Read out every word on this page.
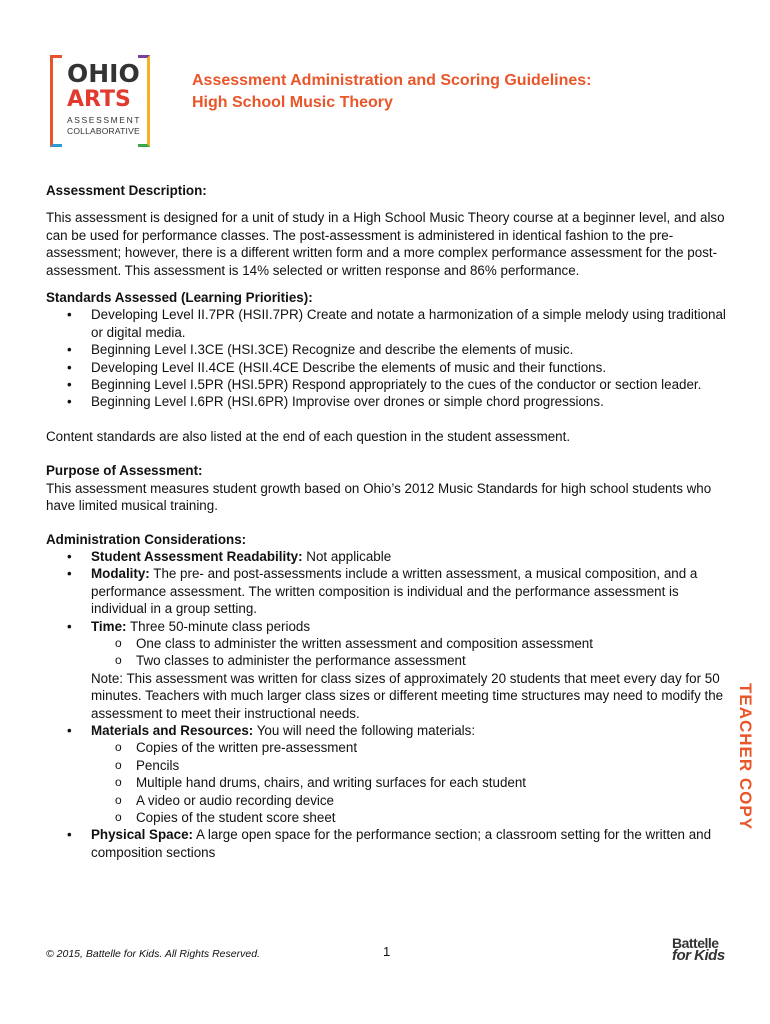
OHIO
ARTS
ASSESSMENT
COLLABORATIVE
Assessment Administration and Scoring Guidelines:
High School Music Theory

Assessment Description:

This assessment is designed for a unit of study in a High School Music Theory course at a beginner level, and also can be used for performance classes. The post-assessment is administered in identical fashion to the pre-assessment; however, there is a different written form and a more complex performance assessment for the post-assessment. This assessment is 14% selected or written response and 86% performance.

Standards Assessed (Learning Priorities):

• Developing Level II.7PR (HSII.7PR) Create and notate a harmonization of a simple melody using traditional or digital media.
• Beginning Level I.3CE (HSI.3CE) Recognize and describe the elements of music.
• Developing Level II.4CE (HSII.4CE Describe the elements of music and their functions.
• Beginning Level I.5PR (HSI.5PR) Respond appropriately to the cues of the conductor or section leader.
• Beginning Level I.6PR (HSI.6PR) Improvise over drones or simple chord progressions.

Content standards are also listed at the end of each question in the student assessment.

Purpose of Assessment:

This assessment measures student growth based on Ohio’s 2012 Music Standards for high school students who have limited musical training.

Administration Considerations:

• Student Assessment Readability: Not applicable
• Modality: The pre- and post-assessments include a written assessment, a musical composition, and a performance assessment. The written composition is individual and the performance assessment is individual in a group setting.
• Time: Three 50-minute class periods
o One class to administer the written assessment and composition assessment
o Two classes to administer the performance assessment

Note: This assessment was written for class sizes of approximately 20 students that meet every day for 50 minutes. Teachers with much larger class sizes or different meeting time structures may need to modify the assessment to meet their instructional needs.

• Materials and Resources: You will need the following materials:
o Copies of the written pre-assessment
o Pencils
o Multiple hand drums, chairs, and writing surfaces for each student
o A video or audio recording device
o Copies of the student score sheet
• Physical Space: A large open space for the performance section; a classroom setting for the written and composition sections
TEACHER COPY
© 2015, Battelle for Kids. All Rights Reserved.	1
Battelle
for Kids
